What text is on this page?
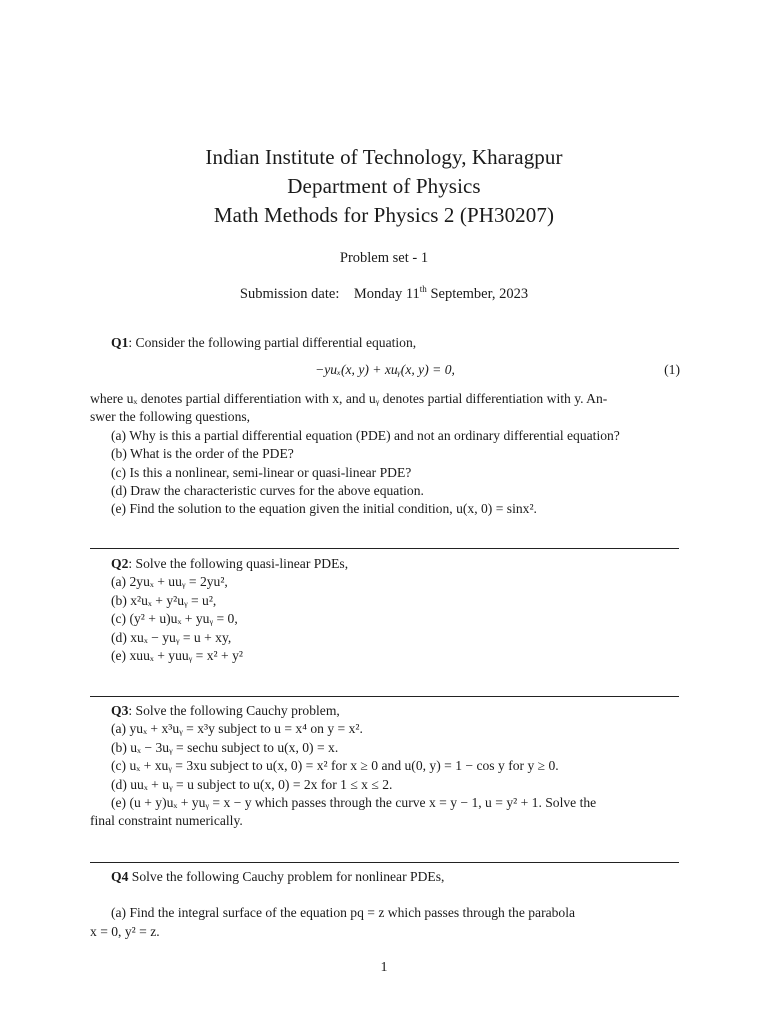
Indian Institute of Technology, Kharagpur
Department of Physics
Math Methods for Physics 2 (PH30207)
Problem set - 1
Submission date: Monday 11th September, 2023

Q1: Consider the following partial differential equation,

−yuₓ(x, y) + xuᵧ(x, y) = 0,	(1)

where uₓ denotes partial differentiation with x, and uᵧ denotes partial differentiation with y. An-

swer the following questions,

(a) Why is this a partial differential equation (PDE) and not an ordinary differential equation?

(b) What is the order of the PDE?

(c) Is this a nonlinear, semi-linear or quasi-linear PDE?

(d) Draw the characteristic curves for the above equation.

(e) Find the solution to the equation given the initial condition, u(x, 0) = sinx².

Q2: Solve the following quasi-linear PDEs,

(a) 2yuₓ + uuᵧ = 2yu²,

(b) x²uₓ + y²uᵧ = u²,

(c) (y² + u)uₓ + yuᵧ = 0,

(d) xuₓ − yuᵧ = u + xy,

(e) xuuₓ + yuuᵧ = x² + y²

Q3: Solve the following Cauchy problem,

(a) yuₓ + x³uᵧ = x³y subject to u = x⁴ on y = x².

(b) uₓ − 3uᵧ = sechu subject to u(x, 0) = x.

(c) uₓ + xuᵧ = 3xu subject to u(x, 0) = x² for x ≥ 0 and u(0, y) = 1 − cos y for y ≥ 0.

(d) uuₓ + uᵧ = u subject to u(x, 0) = 2x for 1 ≤ x ≤ 2.

(e) (u + y)uₓ + yuᵧ = x − y which passes through the curve x = y − 1, u = y² + 1. Solve the

final constraint numerically.

Q4 Solve the following Cauchy problem for nonlinear PDEs,

(a) Find the integral surface of the equation pq = z which passes through the parabola

x = 0, y² = z.

1
